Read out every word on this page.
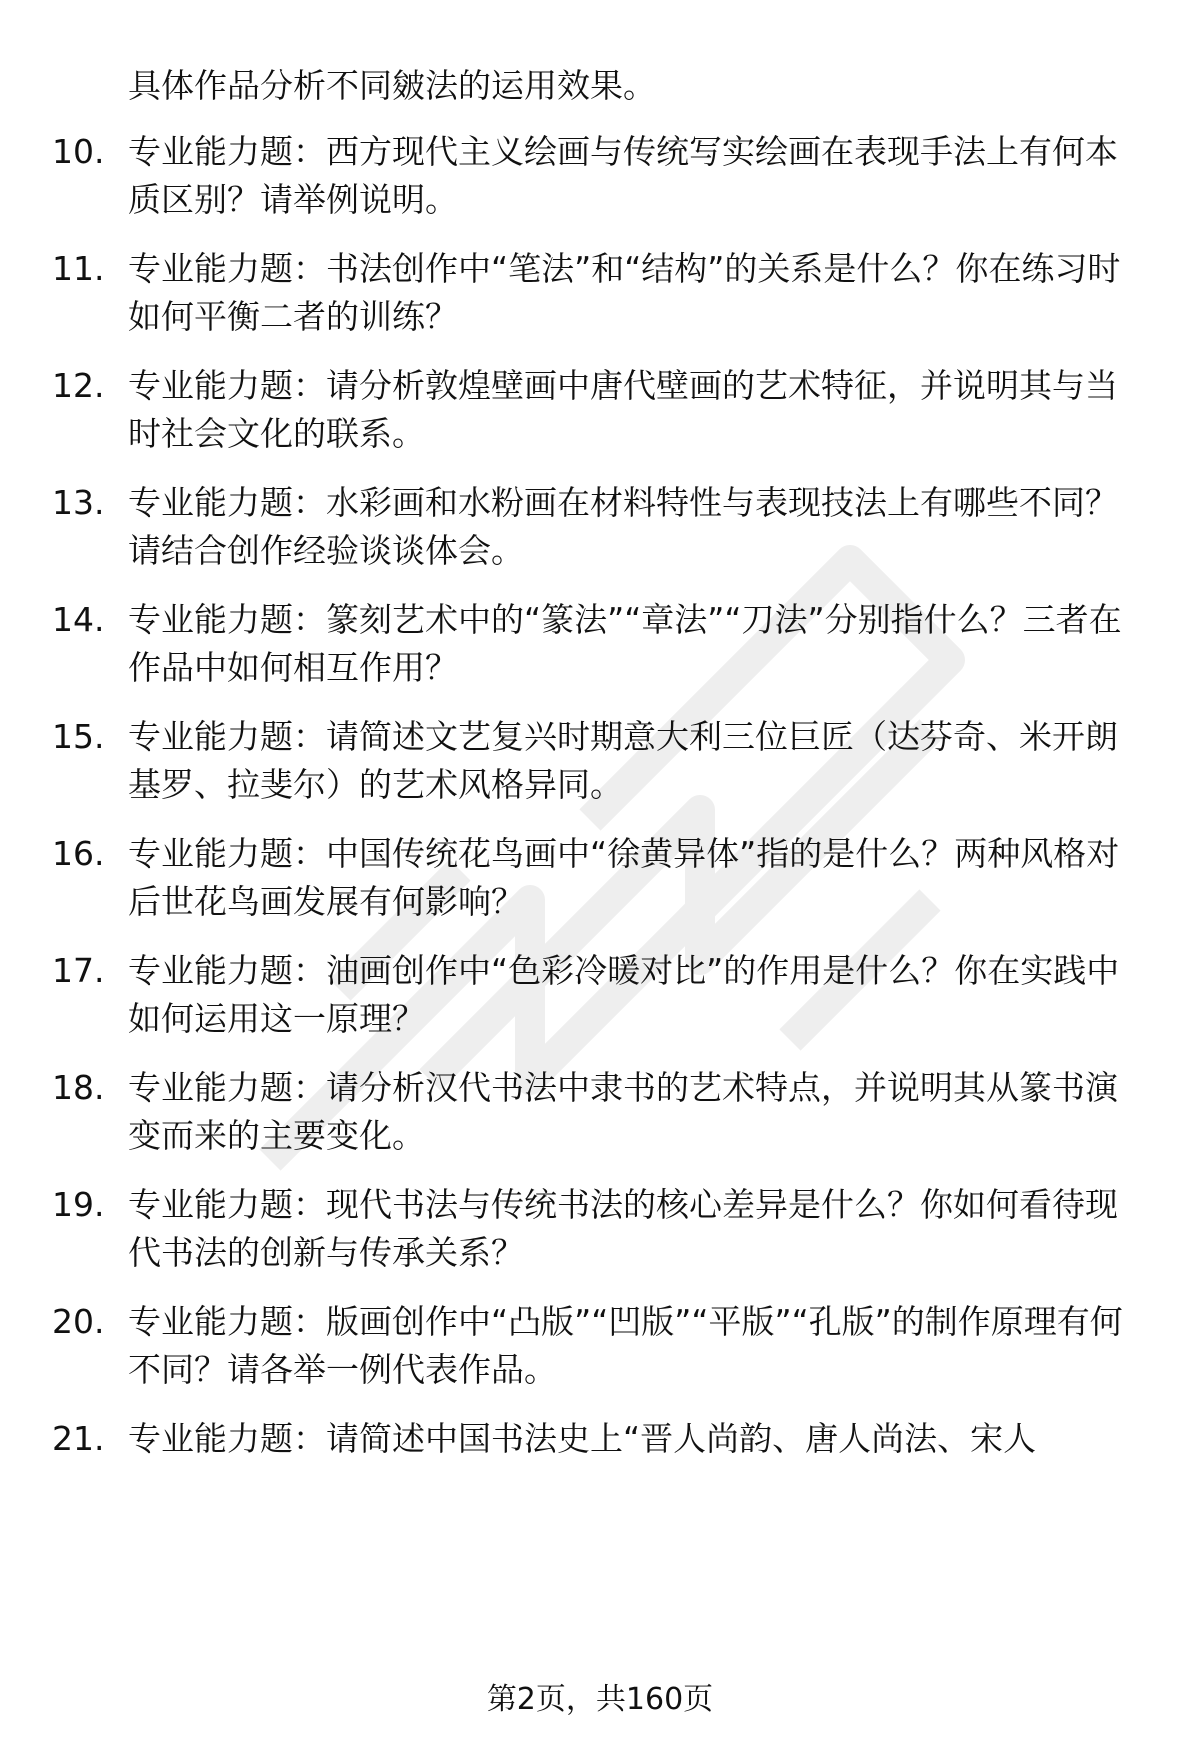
具体作品分析不同皴法的运用效果。
10. 专业能力题：西方现代主义绘画与传统写实绘画在表现手法上有何本质区别？请举例说明。
11. 专业能力题：书法创作中“笔法”和“结构”的关系是什么？你在练习时如何平衡二者的训练？
12. 专业能力题：请分析敦煌壁画中唐代壁画的艺术特征，并说明其与当时社会文化的联系。
13. 专业能力题：水彩画和水粉画在材料特性与表现技法上有哪些不同？请结合创作经验谈谈体会。
14. 专业能力题：篆刻艺术中的“篆法”“章法”“刀法”分别指什么？三者在作品中如何相互作用？
15. 专业能力题：请简述文艺复兴时期意大利三位巨匠（达芬奇、米开朗基罗、拉斐尔）的艺术风格异同。
16. 专业能力题：中国传统花鸟画中“徐黄异体”指的是什么？两种风格对后世花鸟画发展有何影响？
17. 专业能力题：油画创作中“色彩冷暖对比”的作用是什么？你在实践中如何运用这一原理？
18. 专业能力题：请分析汉代书法中隶书的艺术特点，并说明其从篆书演变而来的主要变化。
19. 专业能力题：现代书法与传统书法的核心差异是什么？你如何看待现代书法的创新与传承关系？
20. 专业能力题：版画创作中“凸版”“凹版”“平版”“孔版”的制作原理有何不同？请各举一例代表作品。
21. 专业能力题：请简述中国书法史上“晋人尚韵、唐人尚法、宋人
第2页，共160页
